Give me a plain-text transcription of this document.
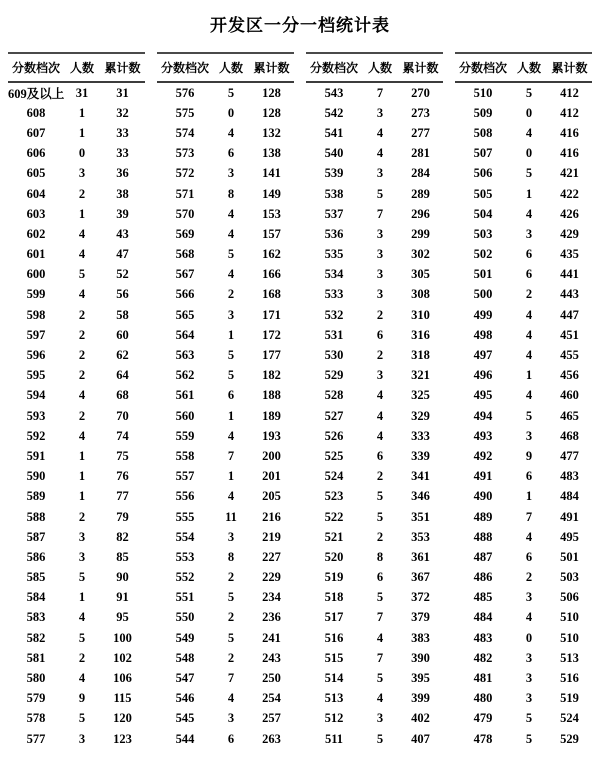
开发区一分一档统计表
分数档次 人数 累计数
609及以上 31	31
608	1	32
607	1	33
606	0	33
605	3	36
604	2	38
603	1	39
602	4	43
601	4	47
600	5	52
599	4	56
598	2	58
597	2	60
596	2	62
595	2	64
594	4	68
593	2	70
592	4	74
591	1	75
590	1	76
589	1	77
588	2	79
587	3	82
586	3	85
585	5	90
584	1	91
583	4	95
582	5	100
581	2	102
580	4	106
579	9	115
578	5	120
577	3	123
分数档次 人数 累计数
576	5	128
575	0	128
574	4	132
573	6	138
572	3	141
571	8	149
570	4	153
569	4	157
568	5	162
567	4	166
566	2	168
565	3	171
564	1	172
563	5	177
562	5	182
561	6	188
560	1	189
559	4	193
558	7	200
557	1	201
556	4	205
555	11	216
554	3	219
553	8	227
552	2	229
551	5	234
550	2	236
549	5	241
548	2	243
547	7	250
546	4	254
545	3	257
544	6	263
分数档次 人数 累计数
543	7	270
542	3	273
541	4	277
540	4	281
539	3	284
538	5	289
537	7	296
536	3	299
535	3	302
534	3	305
533	3	308
532	2	310
531	6	316
530	2	318
529	3	321
528	4	325
527	4	329
526	4	333
525	6	339
524	2	341
523	5	346
522	5	351
521	2	353
520	8	361
519	6	367
518	5	372
517	7	379
516	4	383
515	7	390
514	5	395
513	4	399
512	3	402
511	5	407
分数档次 人数 累计数
510	5	412
509	0	412
508	4	416
507	0	416
506	5	421
505	1	422
504	4	426
503	3	429
502	6	435
501	6	441
500	2	443
499	4	447
498	4	451
497	4	455
496	1	456
495	4	460
494	5	465
493	3	468
492	9	477
491	6	483
490	1	484
489	7	491
488	4	495
487	6	501
486	2	503
485	3	506
484	4	510
483	0	510
482	3	513
481	3	516
480	3	519
479	5	524
478	5	529
